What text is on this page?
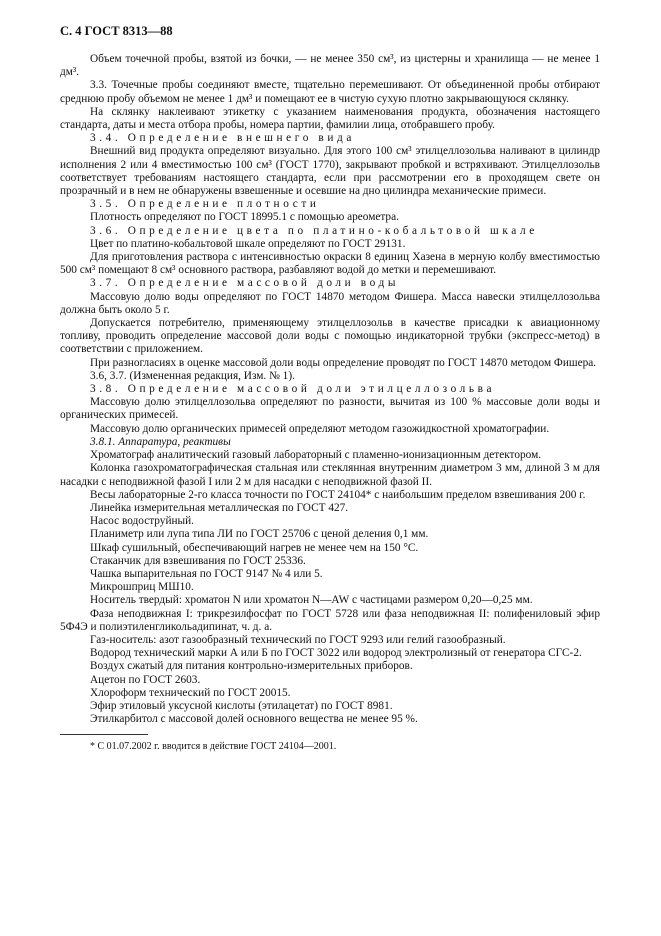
С. 4 ГОСТ 8313—88

Объем точечной пробы, взятой из бочки, — не менее 350 см³, из цистерны и хранилища — не менее 1 дм³.

3.3. Точечные пробы соединяют вместе, тщательно перемешивают. От объединенной пробы отбирают среднюю пробу объемом не менее 1 дм³ и помещают ее в чистую сухую плотно закрывающуюся склянку.

На склянку наклеивают этикетку с указанием наименования продукта, обозначения настоящего стандарта, даты и места отбора пробы, номера партии, фамилии лица, отобравшего пробу.

3.4. Определение внешнего вида

Внешний вид продукта определяют визуально. Для этого 100 см³ этилцеллозольва наливают в цилиндр исполнения 2 или 4 вместимостью 100 см³ (ГОСТ 1770), закрывают пробкой и встряхивают. Этилцеллозольв соответствует требованиям настоящего стандарта, если при рассмотрении его в проходящем свете он прозрачный и в нем не обнаружены взвешенные и осевшие на дно цилиндра механические примеси.

3.5. Определение плотности

Плотность определяют по ГОСТ 18995.1 с помощью ареометра.

3.6. Определение цвета по платино-кобальтовой шкале

Цвет по платино-кобальтовой шкале определяют по ГОСТ 29131.

Для приготовления раствора с интенсивностью окраски 8 единиц Хазена в мерную колбу вместимостью 500 см³ помещают 8 см³ основного раствора, разбавляют водой до метки и перемешивают.

3.7. Определение массовой доли воды

Массовую долю воды определяют по ГОСТ 14870 методом Фишера. Масса навески этилцеллозольва должна быть около 5 г.

Допускается потребителю, применяющему этилцеллозольв в качестве присадки к авиационному топливу, проводить определение массовой доли воды с помощью индикаторной трубки (экспресс-метод) в соответствии с приложением.

При разногласиях в оценке массовой доли воды определение проводят по ГОСТ 14870 методом Фишера.

3.6, 3.7. (Измененная редакция, Изм. № 1).

3.8. Определение массовой доли этилцеллозольва

Массовую долю этилцеллозольва определяют по разности, вычитая из 100 % массовые доли воды и органических примесей.

Массовую долю органических примесей определяют методом газожидкостной хроматографии.

3.8.1. Аппаратура, реактивы

Хроматограф аналитический газовый лабораторный с пламенно-ионизационным детектором.

Колонка газохроматографическая стальная или стеклянная внутренним диаметром 3 мм, длиной 3 м для насадки с неподвижной фазой I или 2 м для насадки с неподвижной фазой II.

Весы лабораторные 2-го класса точности по ГОСТ 24104* с наибольшим пределом взвешивания 200 г.

Линейка измерительная металлическая по ГОСТ 427.

Насос водоструйный.

Планиметр или лупа типа ЛИ по ГОСТ 25706 с ценой деления 0,1 мм.

Шкаф сушильный, обеспечивающий нагрев не менее чем на 150 °С.

Стаканчик для взвешивания по ГОСТ 25336.

Чашка выпарительная по ГОСТ 9147 № 4 или 5.

Микрошприц МШ10.

Носитель твердый: хроматон N или хроматон N—AW с частицами размером 0,20—0,25 мм.

Фаза неподвижная I: трикрезилфосфат по ГОСТ 5728 или фаза неподвижная II: полифениловый эфир 5Ф4Э и полиэтиленгликольадипинат, ч. д. а.

Газ-носитель: азот газообразный технический по ГОСТ 9293 или гелий газообразный.

Водород технический марки А или Б по ГОСТ 3022 или водород электролизный от генератора СГС-2.

Воздух сжатый для питания контрольно-измерительных приборов.

Ацетон по ГОСТ 2603.

Хлороформ технический по ГОСТ 20015.

Эфир этиловый уксусной кислоты (этилацетат) по ГОСТ 8981.

Этилкарбитол с массовой долей основного вещества не менее 95 %.

* С 01.07.2002 г. вводится в действие ГОСТ 24104—2001.
